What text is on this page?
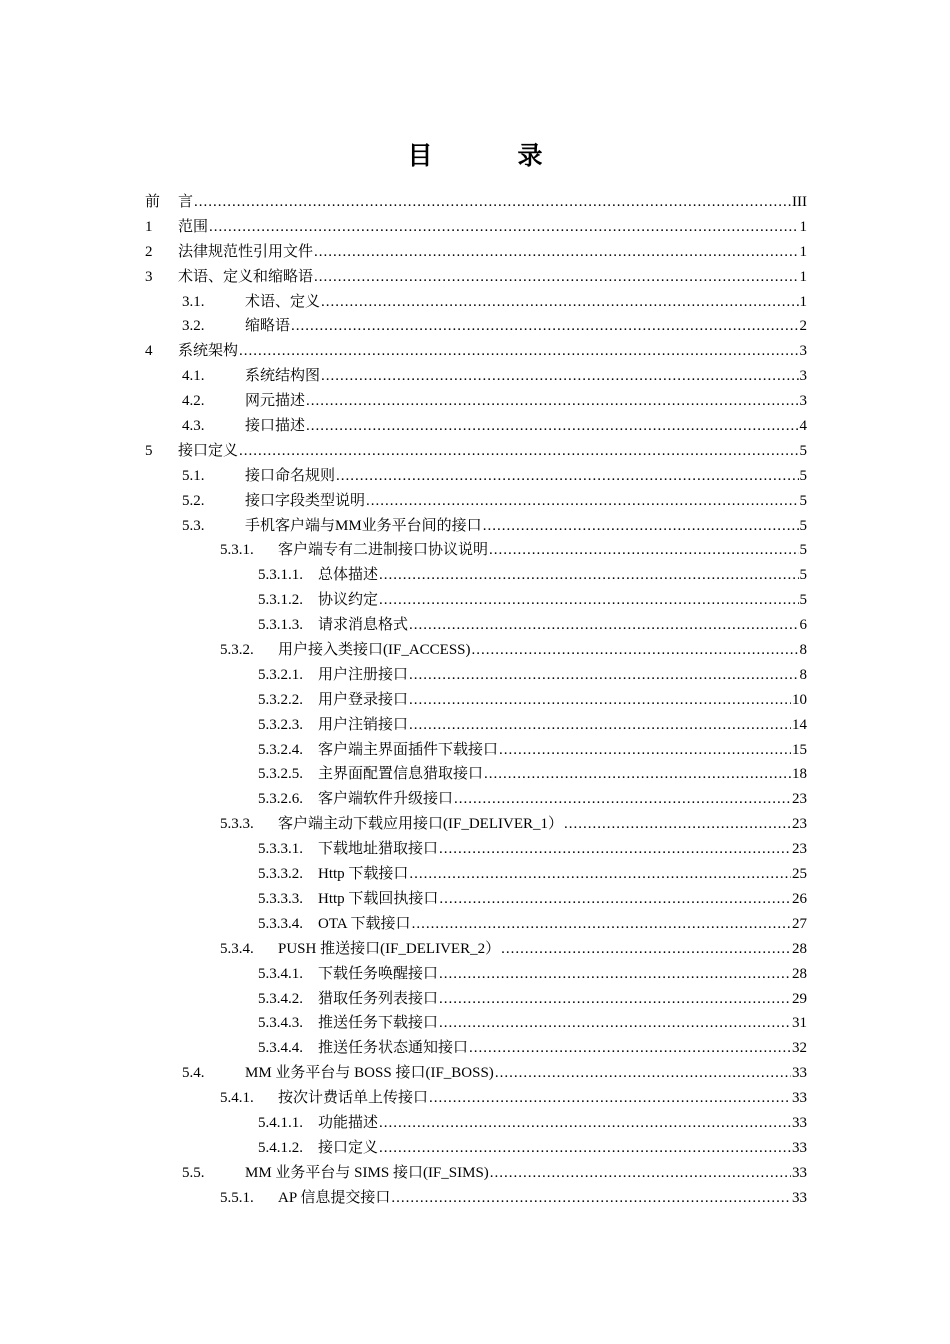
目　录
前	言 .....	III
1	范围 .....	1
2	法律规范性引用文件 .....	1
3	术语、定义和缩略语 .....	1
3.1.	术语、定义 .....	1
3.2.	缩略语 .....	2
4	系统架构 .....	3
4.1.	系统结构图 .....	3
4.2.	网元描述 .....	3
4.3.	接口描述 .....	4
5	接口定义 .....	5
5.1.	接口命名规则 .....	5
5.2.	接口字段类型说明 .....	5
5.3.	手机客户端与MM业务平台间的接口 .....	5
5.3.1.	客户端专有二进制接口协议说明 .....	5
5.3.1.1.	总体描述 .....	5
5.3.1.2.	协议约定 .....	5
5.3.1.3.	请求消息格式 .....	6
5.3.2.	用户接入类接口(IF_ACCESS) .....	8
5.3.2.1.	用户注册接口 .....	8
5.3.2.2.	用户登录接口 .....	10
5.3.2.3.	用户注销接口 .....	14
5.3.2.4.	客户端主界面插件下载接口 .....	15
5.3.2.5.	主界面配置信息猎取接口 .....	18
5.3.2.6.	客户端软件升级接口 .....	23
5.3.3.	客户端主动下载应用接口(IF_DELIVER_1） .....	23
5.3.3.1.	下载地址猎取接口 .....	23
5.3.3.2.	Http 下载接口 .....	25
5.3.3.3.	Http 下载回执接口 .....	26
5.3.3.4.	OTA 下载接口 .....	27
5.3.4.	PUSH 推送接口(IF_DELIVER_2） .....	28
5.3.4.1.	下载任务唤醒接口 .....	28
5.3.4.2.	猎取任务列表接口 .....	29
5.3.4.3.	推送任务下载接口 .....	31
5.3.4.4.	推送任务状态通知接口 .....	32
5.4.	MM 业务平台与 BOSS 接口(IF_BOSS) .....	33
5.4.1.	按次计费话单上传接口 .....	33
5.4.1.1.	功能描述 .....	33
5.4.1.2.	接口定义 .....	33
5.5.	MM 业务平台与 SIMS 接口(IF_SIMS) .....	33
5.5.1.	AP 信息提交接口 .....	33
